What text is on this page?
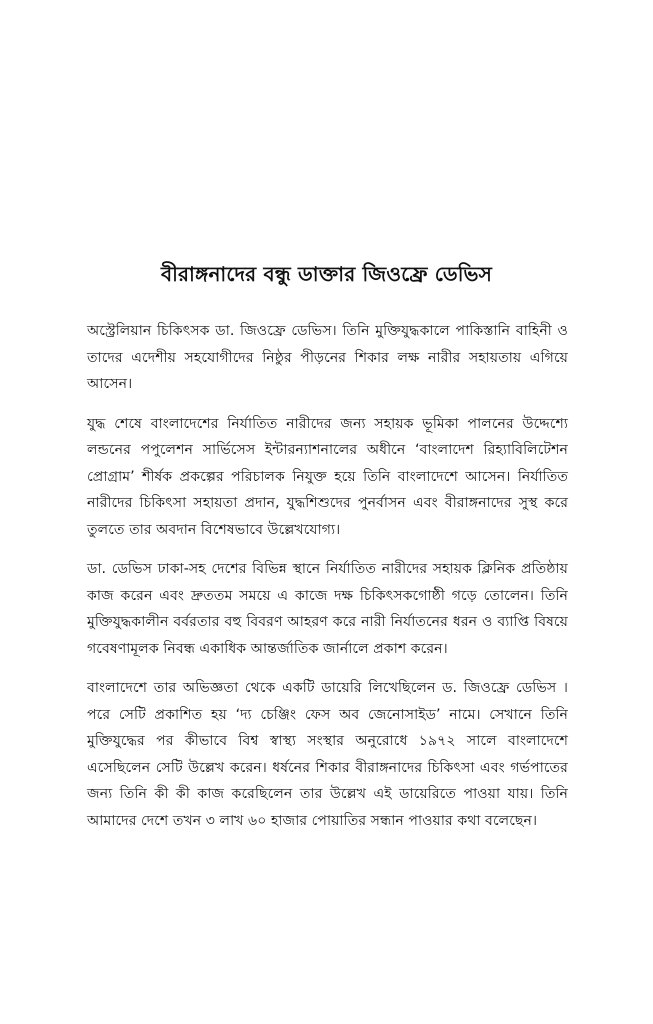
বীরাঙ্গনাদের বন্ধু ডাক্তার জিওফ্রে ডেভিস

অস্ট্রেলিয়ান চিকিৎসক ডা. জিওফ্রে ডেভিস। তিনি মুক্তিযুদ্ধকালে পাকিস্তানি বাহিনী ও তাদের এদেশীয় সহযোগীদের নিষ্ঠুর পীড়নের শিকার লক্ষ নারীর সহায়তায় এগিয়ে আসেন।

যুদ্ধ শেষে বাংলাদেশের নির্যাতিত নারীদের জন্য সহায়ক ভূমিকা পালনের উদ্দেশ্যে লন্ডনের পপুলেশন সার্ভিসেস ইন্টারন্যাশনালের অধীনে ‘বাংলাদেশ রিহ্যাবিলিটেশন প্রোগ্রাম’ শীর্ষক প্রকল্পের পরিচালক নিযুক্ত হয়ে তিনি বাংলাদেশে আসেন। নির্যাতিত নারীদের চিকিৎসা সহায়তা প্রদান, যুদ্ধশিশুদের পুনর্বাসন এবং বীরাঙ্গনাদের সুস্থ করে তুলতে তার অবদান বিশেষভাবে উল্লেখযোগ্য।

ডা. ডেভিস ঢাকা-সহ দেশের বিভিন্ন স্থানে নির্যাতিত নারীদের সহায়ক ক্লিনিক প্রতিষ্ঠায় কাজ করেন এবং দ্রুততম সময়ে এ কাজে দক্ষ চিকিৎসকগোষ্ঠী গড়ে তোলেন। তিনি মুক্তিযুদ্ধকালীন বর্বরতার বহু বিবরণ আহরণ করে নারী নির্যাতনের ধরন ও ব্যাপ্তি বিষয়ে গবেষণামূলক নিবন্ধ একাধিক আন্তর্জাতিক জার্নালে প্রকাশ করেন।

বাংলাদেশে তার অভিজ্ঞতা থেকে একটি ডায়েরি লিখেছিলেন ড. জিওফ্রে ডেভিস । পরে সেটি প্রকাশিত হয় ‘দ্য চেঞ্জিং ফেস অব জেনোসাইড’ নামে। সেখানে তিনি মুক্তিযুদ্ধের পর কীভাবে বিশ্ব স্বাস্থ্য সংস্থার অনুরোধে ১৯৭২ সালে বাংলাদেশে এসেছিলেন সেটি উল্লেখ করেন। ধর্ষনের শিকার বীরাঙ্গনাদের চিকিৎসা এবং গর্ভপাতের জন্য তিনি কী কী কাজ করেছিলেন তার উল্লেখ এই ডায়েরিতে পাওয়া যায়। তিনি আমাদের দেশে তখন ৩ লাখ ৬০ হাজার পোয়াতির সন্ধান পাওয়ার কথা বলেছেন।
